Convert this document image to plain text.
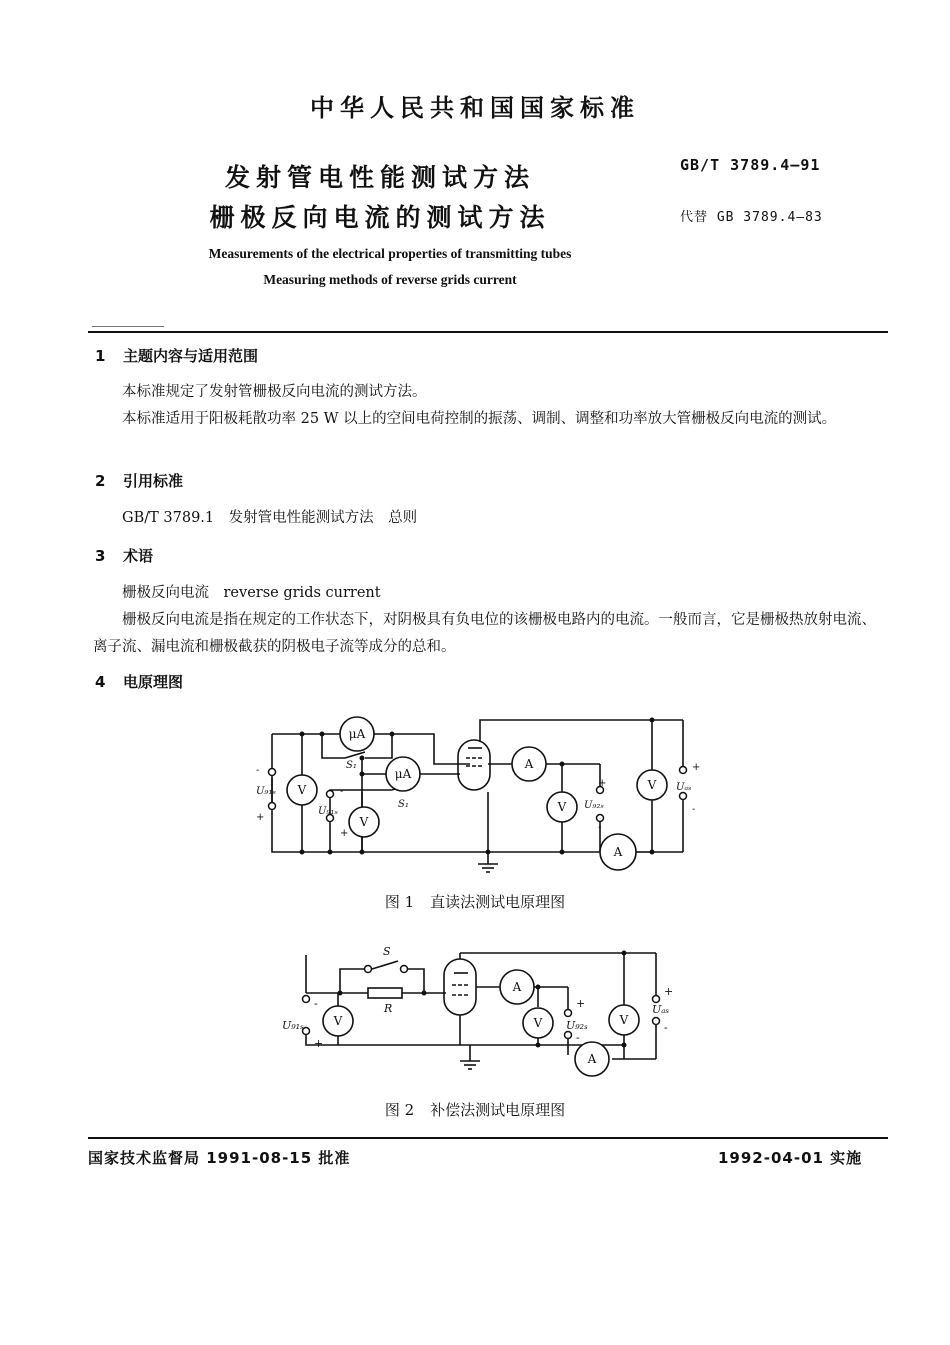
中华人民共和国国家标准
发射管电性能测试方法
栅极反向电流的测试方法
GB/T 3789.4—91
代替 GB 3789.4—83
Measurements of the electrical properties of transmitting tubes
Measuring methods of reverse grids current
1 主题内容与适用范围
本标准规定了发射管栅极反向电流的测试方法。
本标准适用于阳极耗散功率 25 W 以上的空间电荷控制的振荡、调制、调整和功率放大管栅极反向电流的测试。
2 引用标准
GB/T 3789.1　发射管电性能测试方法　总则
3 术语
栅极反向电流　reverse grids current
栅极反向电流是指在规定的工作状态下，对阴极具有负电位的该栅极电路内的电流。一般而言，它是栅极热放射电流、离子流、漏电流和栅极截获的阴极电子流等成分的总和。
4 电原理图
μA
μA
V
V
A
V
V
A
S₁
S₁
U₉₁ₛ
U₉₁ₛ
U₉₂ₛ
Uₐₛ
-
+
-
+
+
-
+
-
图 1 直读法测试电原理图
V
A
V	V
A
S
R
U₉₁ₛ	U₉₂ₛ
Uₐₛ
-
+
+
-
+
-
图 2 补偿法测试电原理图
国家技术监督局 1991-08-15 批准	1992-04-01 实施
